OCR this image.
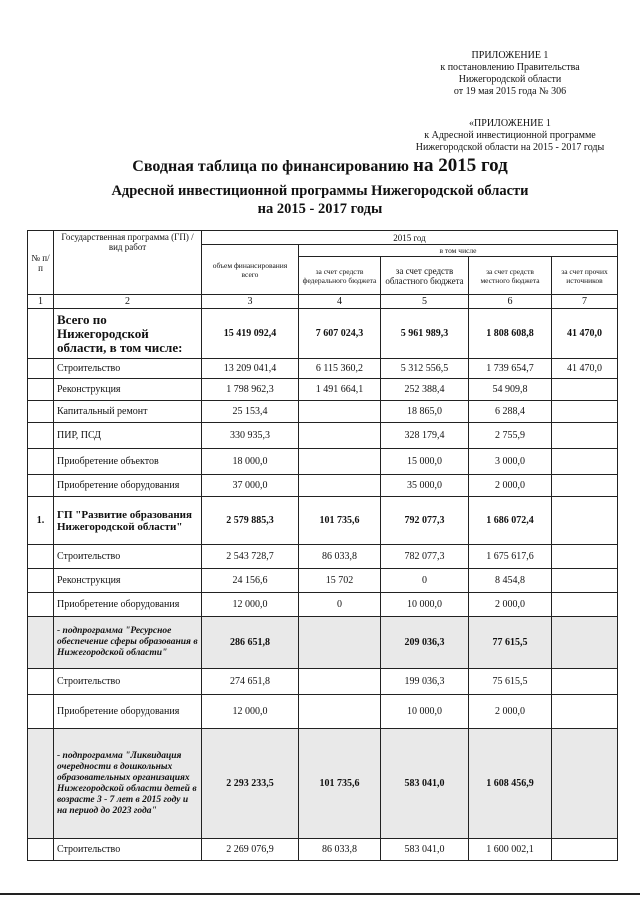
ПРИЛОЖЕНИЕ 1
к постановлению Правительства
Нижегородской области
от 19 мая 2015 года № 306
«ПРИЛОЖЕНИЕ 1
к Адресной инвестиционной программе
Нижегородской области на 2015 - 2017 годы
Сводная таблица по финансированию на 2015 год
Адресной инвестиционной программы Нижегородской области
на 2015 - 2017 годы
№ п/п	Государственная программа (ГП) / вид работ	2015 год				
		объем финансирования всего	в том числе			
			за счет средств федерального бюджета	за счет средств областного бюджета	за счет средств местного бюджета	за счет прочих источников
1	2	3	4	5	6	7
	Всего по Нижегородской области, в том числе:	15 419 092,4	7 607 024,3	5 961 989,3	1 808 608,8	41 470,0
	Строительство	13 209 041,4	6 115 360,2	5 312 556,5	1 739 654,7	41 470,0
	Реконструкция	1 798 962,3	1 491 664,1	252 388,4	54 909,8	
	Капитальный ремонт	25 153,4		18 865,0	6 288,4	
	ПИР, ПСД	330 935,3		328 179,4	2 755,9	
	Приобретение объектов	18 000,0		15 000,0	3 000,0	
	Приобретение оборудования	37 000,0		35 000,0	2 000,0	
1.	ГП "Развитие образования Нижегородской области"	2 579 885,3	101 735,6	792 077,3	1 686 072,4	
	Строительство	2 543 728,7	86 033,8	782 077,3	1 675 617,6	
	Реконструкция	24 156,6	15 702	0	8 454,8	
	Приобретение оборудования	12 000,0	0	10 000,0	2 000,0	
	- подпрограмма "Ресурсное обеспечение сферы образования в Нижегородской области"	286 651,8		209 036,3	77 615,5	
	Строительство	274 651,8		199 036,3	75 615,5	
	Приобретение оборудования	12 000,0		10 000,0	2 000,0	
	- подпрограмма "Ликвидация очередности в дошкольных образовательных организациях Нижегородской области детей в возрасте 3 - 7 лет в 2015 году и на период до 2023 года"	2 293 233,5	101 735,6	583 041,0	1 608 456,9	
	Строительство	2 269 076,9	86 033,8	583 041,0	1 600 002,1	
